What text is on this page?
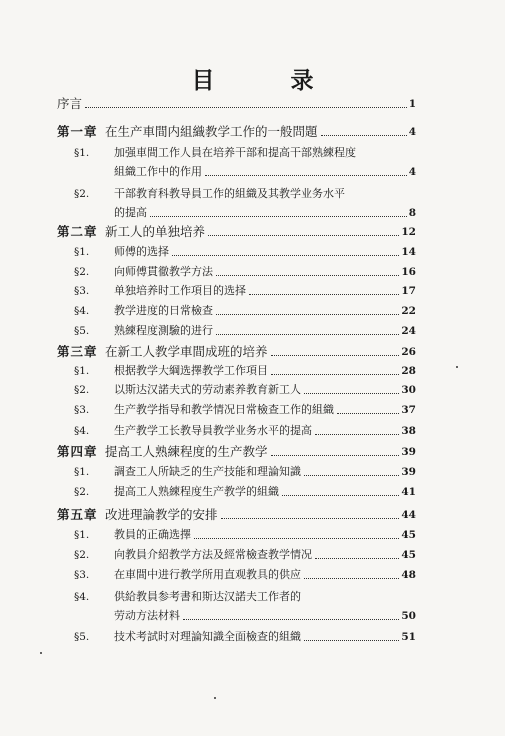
目 录
序言	1
第一章 在生产車間内組織教学工作的一般問題	4
§1. 加强車間工作人員在培养干部和提高干部熟練程度
組織工作中的作用	4
§2. 干部教育科教导員工作的組織及其教学业务水平
的提高	8
第二章 新工人的单独培养	12
§1.	师傅的选择	14
§2.	向师傅貫徹教学方法	16
§3.	单独培养时工作項目的选择	17
§4.	教学进度的日常檢查	22
§5.	熟練程度測驗的进行	24
第三章 在新工人教学車間成班的培养	26
§1.	根据教学大綱选擇教学工作項目	28
§2.	以斯达汉諾夫式的劳动素养教育新工人	30
§3.	生产教学指导和教学情况日常檢查工作的組織	37
§4.	生产教学工长教导員教学业务水平的提高	38
第四章 提高工人熟練程度的生产教学	39
§1.	調查工人所缺乏的生产技能和理論知識	39
§2.	提高工人熟練程度生产教学的組織	41
第五章 改进理論教学的安排	44
§1.	教員的正确选擇	45
§2.	向教員介紹教学方法及經常檢查教学情况	45
§3.	在車間中进行教学所用直观教具的供应	48
§4. 供給教員参考書和斯达汉諾夫工作者的
劳动方法材料	50
§5.	技术考試时对理論知識全面檢查的組織	51
